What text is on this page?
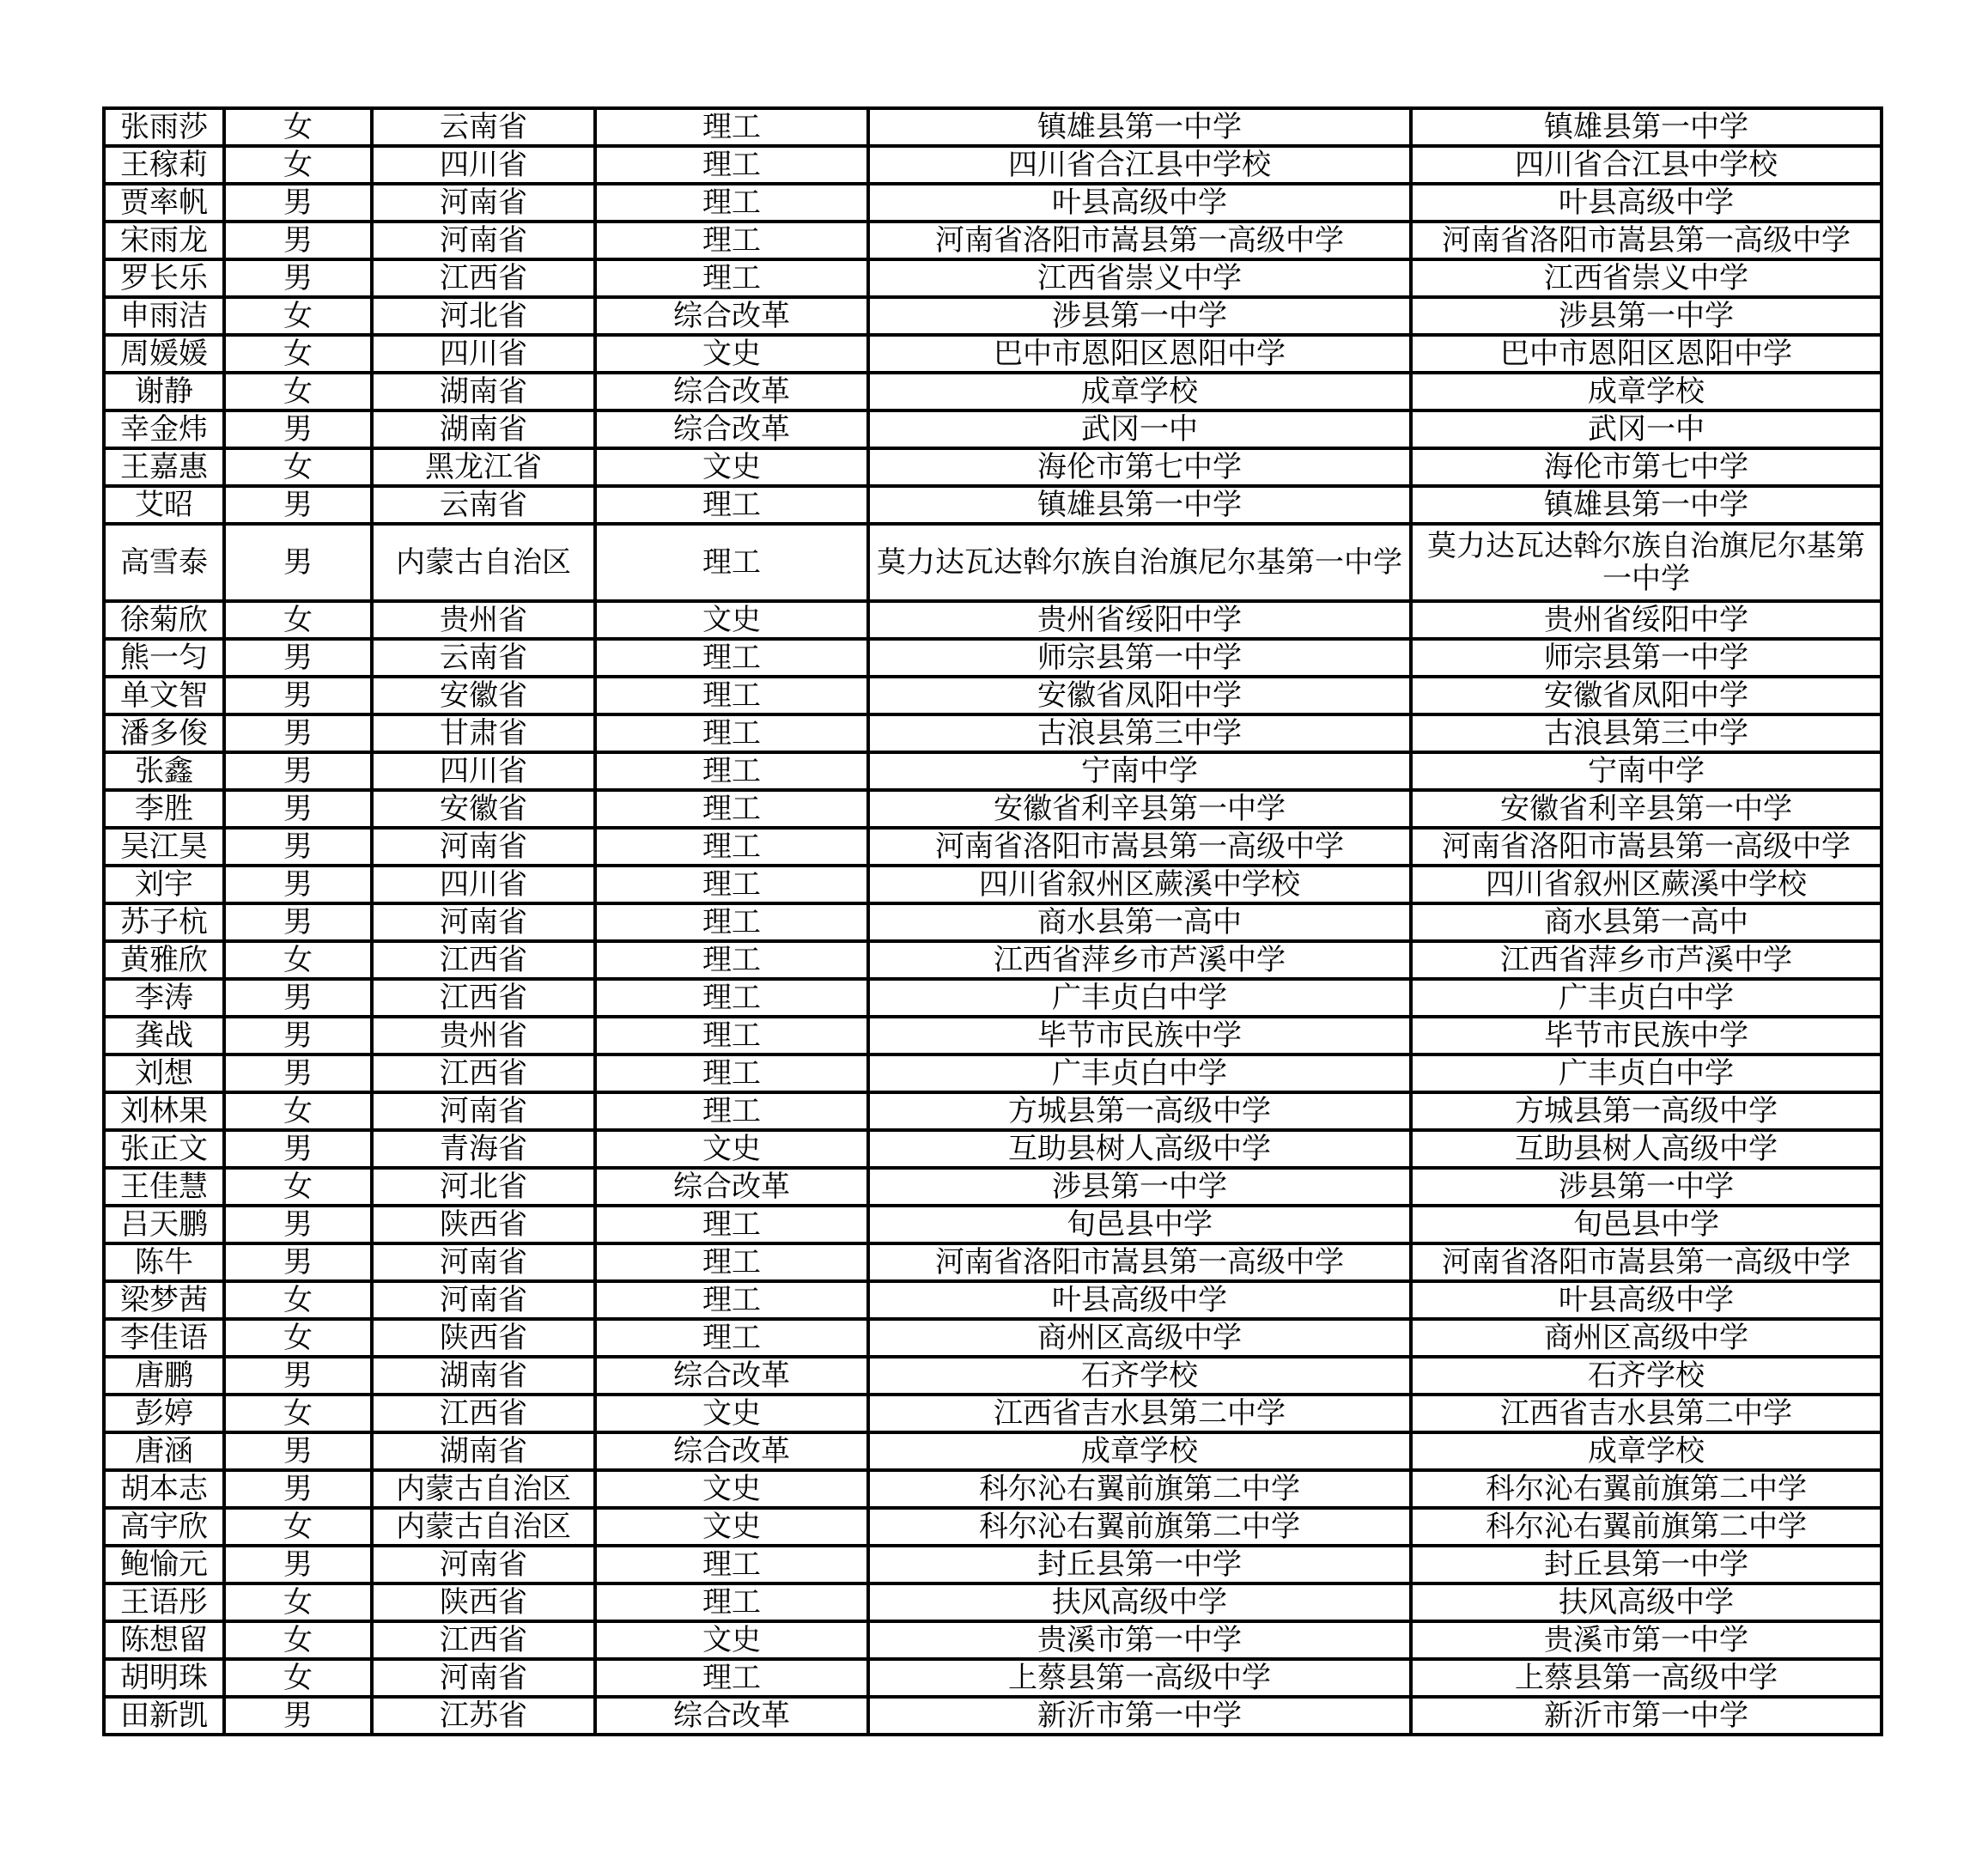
张雨莎	女	云南省	理工	镇雄县第一中学	镇雄县第一中学
王稼莉	女	四川省	理工	四川省合江县中学校	四川省合江县中学校
贾率帆	男	河南省	理工	叶县高级中学	叶县高级中学
宋雨龙	男	河南省	理工	河南省洛阳市嵩县第一高级中学	河南省洛阳市嵩县第一高级中学
罗长乐	男	江西省	理工	江西省崇义中学	江西省崇义中学
申雨洁	女	河北省	综合改革	涉县第一中学	涉县第一中学
周媛媛	女	四川省	文史	巴中市恩阳区恩阳中学	巴中市恩阳区恩阳中学
谢静	女	湖南省	综合改革	成章学校	成章学校
幸金炜	男	湖南省	综合改革	武冈一中	武冈一中
王嘉惠	女	黑龙江省	文史	海伦市第七中学	海伦市第七中学
艾昭	男	云南省	理工	镇雄县第一中学	镇雄县第一中学
高雪泰	男	内蒙古自治区	理工	莫力达瓦达斡尔族自治旗尼尔基第一中学	莫力达瓦达斡尔族自治旗尼尔基第一中学
徐菊欣	女	贵州省	文史	贵州省绥阳中学	贵州省绥阳中学
熊一匀	男	云南省	理工	师宗县第一中学	师宗县第一中学
单文智	男	安徽省	理工	安徽省凤阳中学	安徽省凤阳中学
潘多俊	男	甘肃省	理工	古浪县第三中学	古浪县第三中学
张鑫	男	四川省	理工	宁南中学	宁南中学
李胜	男	安徽省	理工	安徽省利辛县第一中学	安徽省利辛县第一中学
吴江昊	男	河南省	理工	河南省洛阳市嵩县第一高级中学	河南省洛阳市嵩县第一高级中学
刘宇	男	四川省	理工	四川省叙州区蕨溪中学校	四川省叙州区蕨溪中学校
苏子杭	男	河南省	理工	商水县第一高中	商水县第一高中
黄雅欣	女	江西省	理工	江西省萍乡市芦溪中学	江西省萍乡市芦溪中学
李涛	男	江西省	理工	广丰贞白中学	广丰贞白中学
龚战	男	贵州省	理工	毕节市民族中学	毕节市民族中学
刘想	男	江西省	理工	广丰贞白中学	广丰贞白中学
刘林果	女	河南省	理工	方城县第一高级中学	方城县第一高级中学
张正文	男	青海省	文史	互助县树人高级中学	互助县树人高级中学
王佳慧	女	河北省	综合改革	涉县第一中学	涉县第一中学
吕天鹏	男	陕西省	理工	旬邑县中学	旬邑县中学
陈牛	男	河南省	理工	河南省洛阳市嵩县第一高级中学	河南省洛阳市嵩县第一高级中学
梁梦茜	女	河南省	理工	叶县高级中学	叶县高级中学
李佳语	女	陕西省	理工	商州区高级中学	商州区高级中学
唐鹏	男	湖南省	综合改革	石齐学校	石齐学校
彭婷	女	江西省	文史	江西省吉水县第二中学	江西省吉水县第二中学
唐涵	男	湖南省	综合改革	成章学校	成章学校
胡本志	男	内蒙古自治区	文史	科尔沁右翼前旗第二中学	科尔沁右翼前旗第二中学
高宇欣	女	内蒙古自治区	文史	科尔沁右翼前旗第二中学	科尔沁右翼前旗第二中学
鲍愉元	男	河南省	理工	封丘县第一中学	封丘县第一中学
王语彤	女	陕西省	理工	扶风高级中学	扶风高级中学
陈想留	女	江西省	文史	贵溪市第一中学	贵溪市第一中学
胡明珠	女	河南省	理工	上蔡县第一高级中学	上蔡县第一高级中学
田新凯	男	江苏省	综合改革	新沂市第一中学	新沂市第一中学
